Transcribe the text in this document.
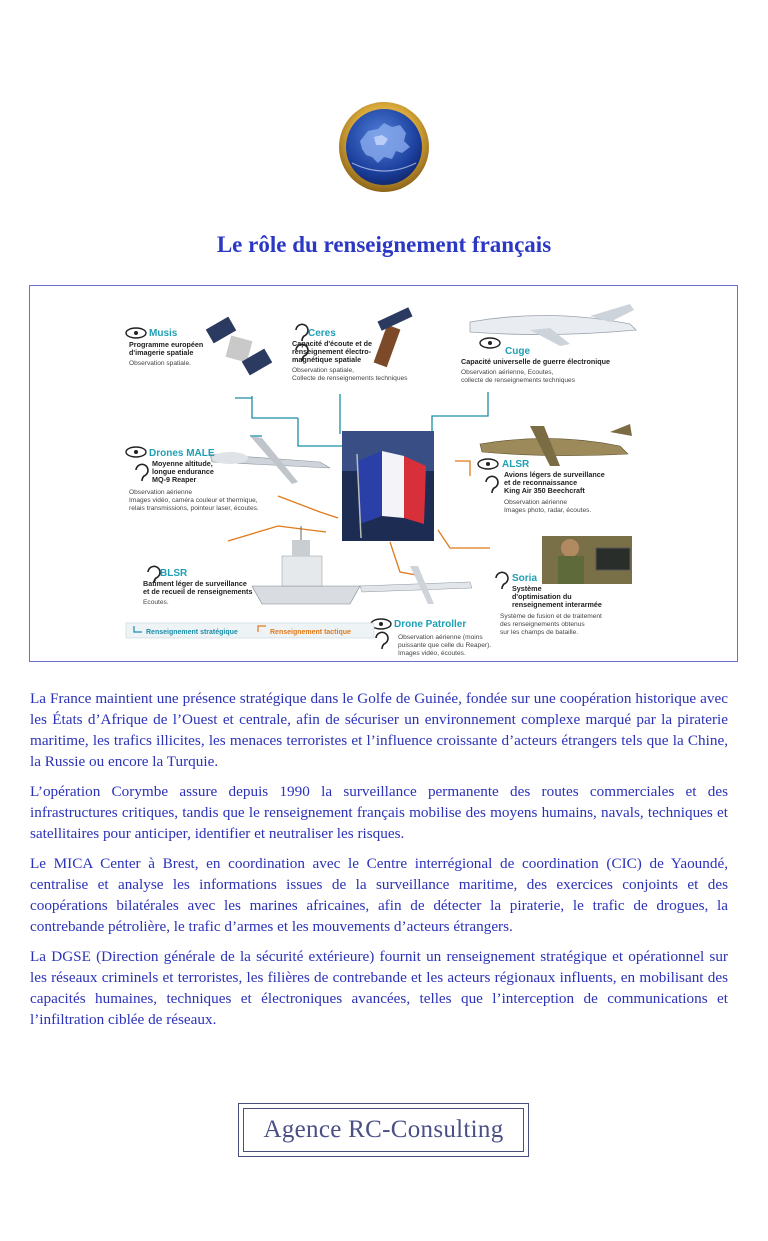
Le rôle du renseignement français
Musis
Programme européen
d'imagerie spatiale
Observation spatiale.
Ceres
Capacité d'écoute et de
renseignement électro-
magnétique spatiale
Observation spatiale,
Collecte de renseignements techniques
Cuge
Capacité universelle de guerre électronique
Observation aérienne, Ecoutes,
collecte de renseignements techniques
Drones MALE
Moyenne altitude,
longue endurance
MQ-9 Reaper
Observation aérienne
Images vidéo, caméra couleur et thermique,
relais transmissions, pointeur laser, écoutes.
ALSR
Avions légers de surveillance
et de reconnaissance
King Air 350 Beechcraft
Observation aérienne
Images photo, radar, écoutes.
BLSR
Batiment léger de surveillance
et de recueil de renseignements
Ecoutes.
Soria
Système
d'optimisation du
renseignement interarmée
Système de fusion et de traitement
des renseignements obtenus
sur les champs de bataille.
Drone Patroller
Observation aérienne (moins
puissante que celle du Reaper).
Images vidéo, écoutes.
Renseignement stratégique	Renseignement tactique

La France maintient une présence stratégique dans le Golfe de Guinée, fondée sur une coopération historique avec les États d’Afrique de l’Ouest et centrale, afin de sécuriser un environnement complexe marqué par la piraterie maritime, les trafics illicites, les menaces terroristes et l’influence croissante d’acteurs étrangers tels que la Chine, la Russie ou encore la Turquie.

L’opération Corymbe assure depuis 1990 la surveillance permanente des routes commerciales et des infrastructures critiques, tandis que le renseignement français mobilise des moyens humains, navals, techniques et satellitaires pour anticiper, identifier et neutraliser les risques.

Le MICA Center à Brest, en coordination avec le Centre interrégional de coordination (CIC) de Yaoundé, centralise et analyse les informations issues de la surveillance maritime, des exercices conjoints et des coopérations bilatérales avec les marines africaines, afin de détecter la piraterie, le trafic de drogues, la contrebande pétrolière, le trafic d’armes et les mouvements d’acteurs étrangers.

La DGSE (Direction générale de la sécurité extérieure) fournit un renseignement stratégique et opérationnel sur les réseaux criminels et terroristes, les filières de contrebande et les acteurs régionaux influents, en mobilisant des capacités humaines, techniques et électroniques avancées, telles que l’interception de communications et l’infiltration ciblée de réseaux.

Agence RC-Consulting
